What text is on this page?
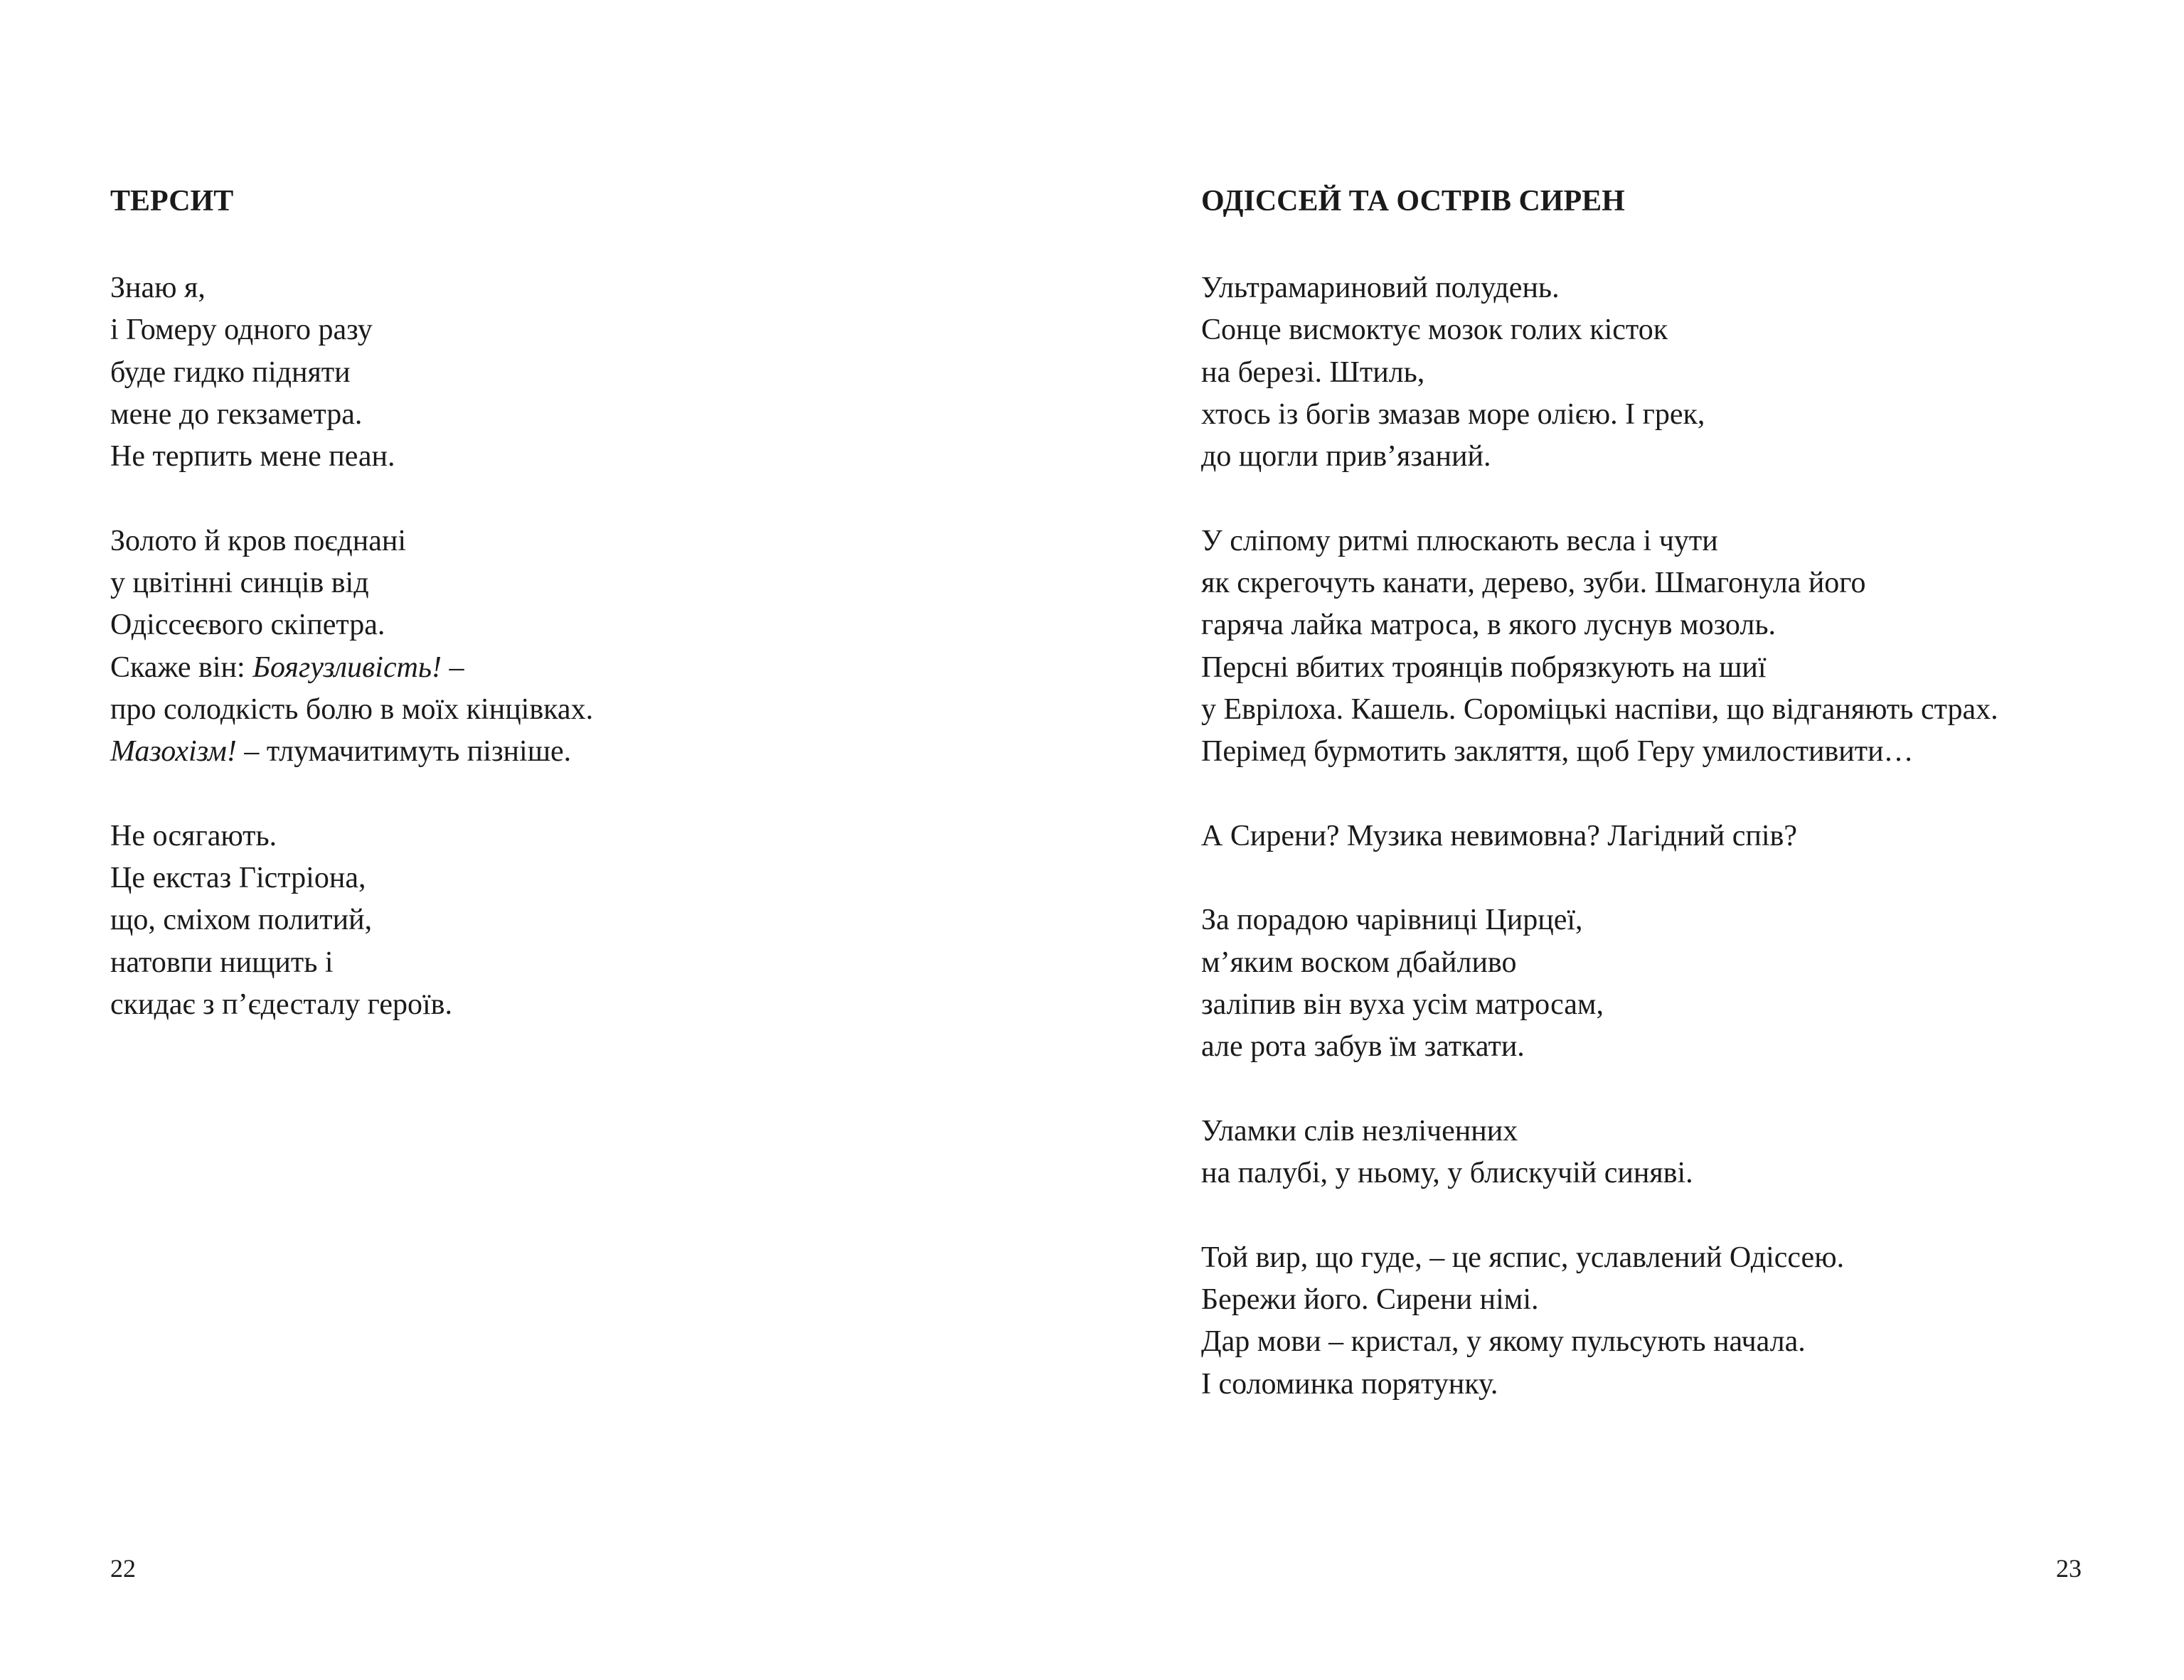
ТЕРСИТ
Знаю я,
і Гомеру одного разу
буде гидко підняти
мене до гекзаметра.
Не терпить мене пеан.
Золото й кров поєднані
у цвітінні синців від
Одіссеєвого скіпетра.
Скаже він: Боягузливість! –
про солодкість болю в моїх кінцівках.
Мазохізм! – тлумачитимуть пізніше.
Не осягають.
Це екстаз Гістріона,
що, сміхом политий,
натовпи нищить і
скидає з п’єдесталу героїв.
22
ОДІССЕЙ ТА ОСТРІВ СИРЕН
Ультрамариновий полудень.
Сонце висмоктує мозок голих кісток
на березі. Штиль,
хтось із богів змазав море олією. І грек,
до щогли прив’язаний.
У сліпому ритмі плюскають весла і чути
як скрегочуть канати, дерево, зуби. Шмагонула його
гаряча лайка матроса, в якого луснув мозоль.
Персні вбитих троянців побрязкують на шиї
у Еврілоха. Кашель. Сороміцькі наспіви, що відганяють страх.
Перімед бурмотить закляття, щоб Геру умилостивити…
А Сирени? Музика невимовна? Лагідний спів?
За порадою чарівниці Цирцеї,
м’яким воском дбайливо
заліпив він вуха усім матросам,
але рота забув їм заткати.
Уламки слів незліченних
на палубі, у ньому, у блискучій синяві.
Той вир, що гуде, – це яспис, уславлений Одіссею.
Бережи його. Сирени німі.
Дар мови – кристал, у якому пульсують начала.
І соломинка порятунку.
23
